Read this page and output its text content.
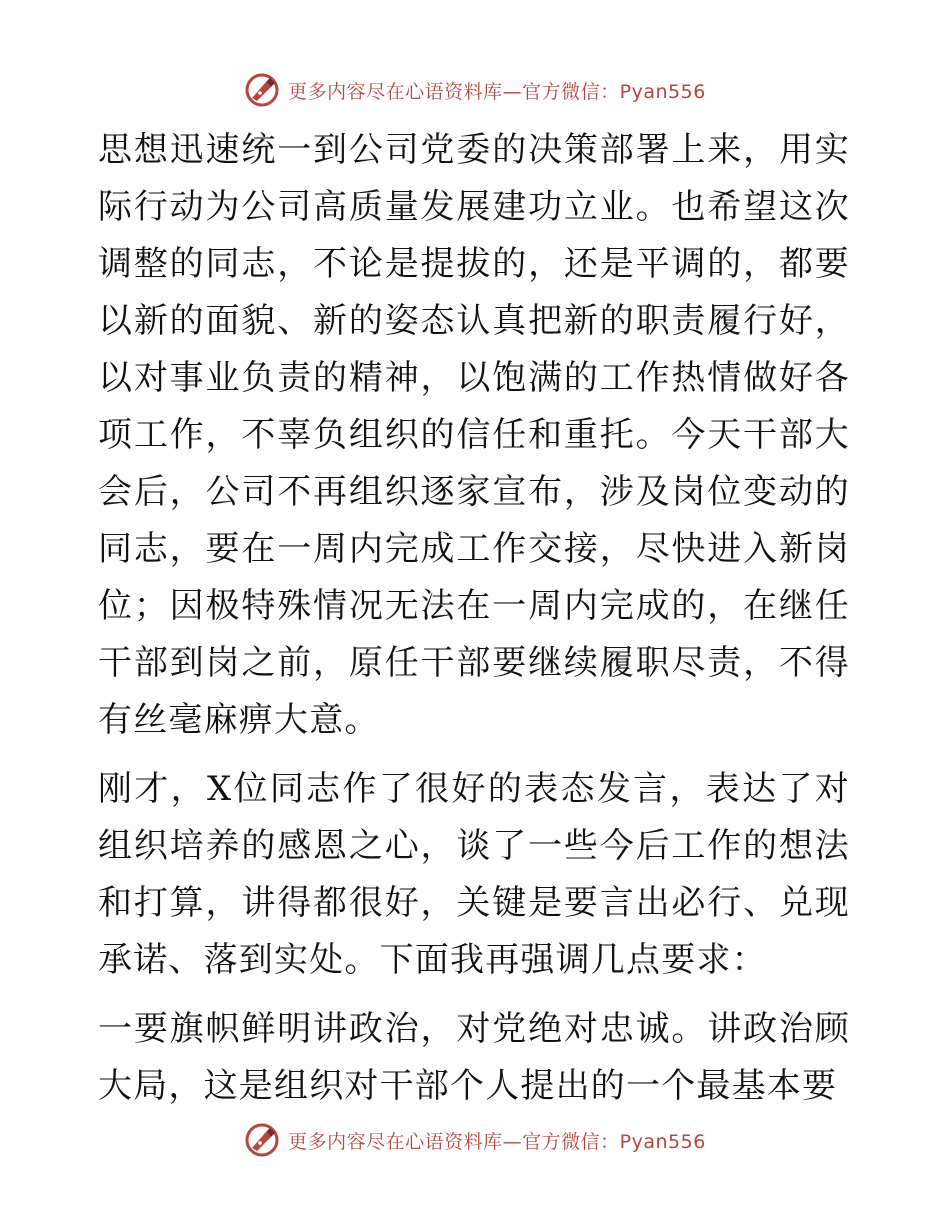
更多内容尽在心语资料库—官方微信：Pyan556

思想迅速统一到公司党委的决策部署上来，用实际行动为公司高质量发展建功立业。也希望这次调整的同志，不论是提拔的，还是平调的，都要以新的面貌、新的姿态认真把新的职责履行好，以对事业负责的精神，以饱满的工作热情做好各项工作，不辜负组织的信任和重托。今天干部大会后，公司不再组织逐家宣布，涉及岗位变动的同志，要在一周内完成工作交接，尽快进入新岗位；因极特殊情况无法在一周内完成的，在继任干部到岗之前，原任干部要继续履职尽责，不得有丝毫麻痹大意。

刚才，X位同志作了很好的表态发言，表达了对组织培养的感恩之心，谈了一些今后工作的想法和打算，讲得都很好，关键是要言出必行、兑现承诺、落到实处。下面我再强调几点要求：

一要旗帜鲜明讲政治，对党绝对忠诚。讲政治顾大局，这是组织对干部个人提出的一个最基本要

更多内容尽在心语资料库—官方微信：Pyan556
